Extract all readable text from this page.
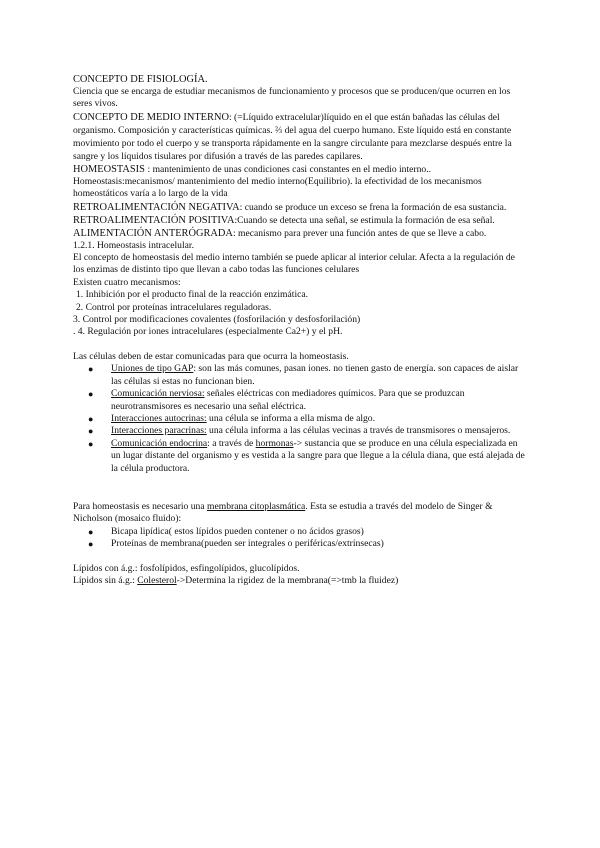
CONCEPTO DE FISIOLOGÍA.

Ciencia que se encarga de estudiar mecanismos de funcionamiento y procesos que se producen/que ocurren en los seres vivos.

CONCEPTO DE MEDIO INTERNO: (=Líquido extracelular)líquido en el que están bañadas las células del organismo. Composición y características químicas. ⅔ del agua del cuerpo humano. Este líquido está en constante movimiento por todo el cuerpo y se transporta rápidamente en la sangre circulante para mezclarse después entre la sangre y los líquidos tisulares por difusión a través de las paredes capilares.

HOMEOSTASIS : mantenimiento de unas condiciones casi constantes en el medio interno..

Homeostasis:mecanismos/ mantenimiento del medio interno(Equilibrio). la efectividad de los mecanismos homeostáticos varía a lo largo de la vida

RETROALIMENTACIÓN NEGATIVA: cuando se produce un exceso se frena la formación de esa sustancia.

RETROALIMENTACIÓN POSITIVA:Cuando se detecta una señal, se estimula la formación de esa señal.

ALIMENTACIÓN ANTERÓGRADA: mecanismo para prever una función antes de que se lleve a cabo.

1.2.1. Homeostasis intracelular.

El concepto de homeostasis del medio interno también se puede aplicar al interior celular. Afecta a la regulación de los enzimas de distinto tipo que llevan a cabo todas las funciones celulares

Existen cuatro mecanismos:

1. Inhibición por el producto final de la reacción enzimática.

2. Control por proteínas intracelulares reguladoras.

3. Control por modificaciones covalentes (fosforilación y desfosforilación)

. 4. Regulación por iones intracelulares (especialmente Ca2+) y el pH.

Las células deben de estar comunicadas para que ocurra la homeostasis.

● Uniones de tipo GAP: son las más comunes, pasan iones. no tienen gasto de energía. son capaces de aislar las células si estas no funcionan bien.
● Comunicación nerviosa: señales eléctricas con mediadores químicos. Para que se produzcan neurotransmisores es necesario una señal eléctrica.
● Interacciones autocrinas: una célula se informa a ella misma de algo.
● Interacciones paracrinas: una célula informa a las células vecinas a través de transmisores o mensajeros.
● Comunicación endocrina: a través de hormonas-> sustancia que se produce en una célula especializada en un lugar distante del organismo y es vestida a la sangre para que llegue a la célula diana, que está alejada de la célula productora.

Para homeostasis es necesario una membrana citoplasmática. Esta se estudia a través del modelo de Singer & Nicholson (mosaico fluido):

● Bicapa lipídica( estos lípidos pueden contener o no ácidos grasos)
● Proteínas de membrana(pueden ser integrales o periféricas/extrínsecas)

Lípidos con á.g.: fosfolípidos, esfingolípidos, glucolípidos.

Lípidos sin á.g.: Colesterol->Determina la rigidez de la membrana(=>tmb la fluidez)
